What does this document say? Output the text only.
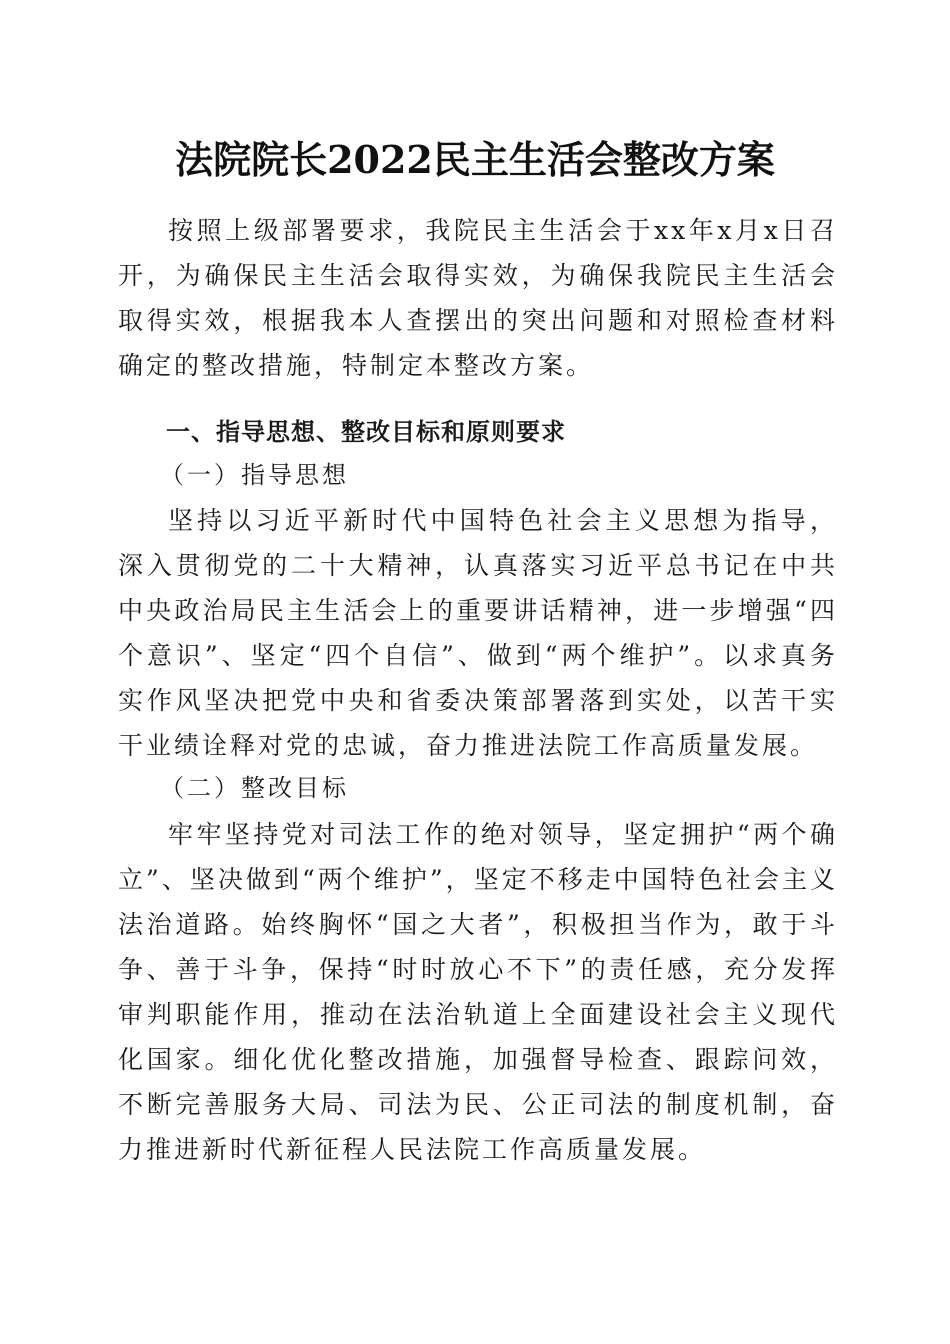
法院院长2022民主生活会整改方案

按照上级部署要求，我院民主生活会于xx年x月x日召开，为确保民主生活会取得实效，为确保我院民主生活会取得实效，根据我本人查摆出的突出问题和对照检查材料确定的整改措施，特制定本整改方案。

一、指导思想、整改目标和原则要求

（一）指导思想

坚持以习近平新时代中国特色社会主义思想为指导，深入贯彻党的二十大精神，认真落实习近平总书记在中共中央政治局民主生活会上的重要讲话精神，进一步增强“四个意识”、坚定“四个自信”、做到“两个维护”。以求真务实作风坚决把党中央和省委决策部署落到实处，以苦干实干业绩诠释对党的忠诚，奋力推进法院工作高质量发展。

（二）整改目标

牢牢坚持党对司法工作的绝对领导，坚定拥护“两个确立”、坚决做到“两个维护”，坚定不移走中国特色社会主义法治道路。始终胸怀“国之大者”，积极担当作为，敢于斗争、善于斗争，保持“时时放心不下”的责任感，充分发挥审判职能作用，推动在法治轨道上全面建设社会主义现代化国家。细化优化整改措施，加强督导检查、跟踪问效，不断完善服务大局、司法为民、公正司法的制度机制，奋力推进新时代新征程人民法院工作高质量发展。
